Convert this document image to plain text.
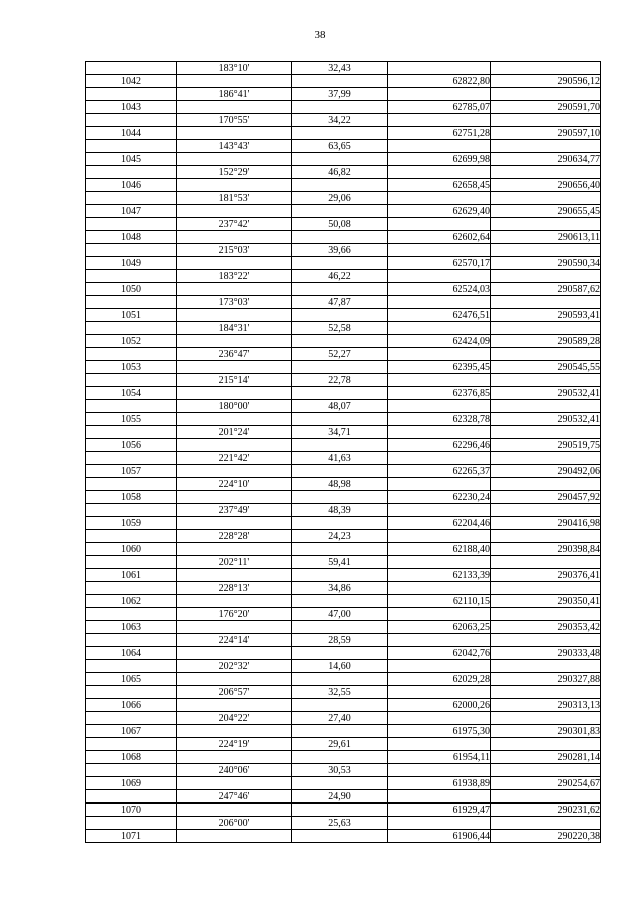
38
	183°10'	32,43		
1042			62822,80	290596,12
	186°41'	37,99		
1043			62785,07	290591,70
	170°55'	34,22		
1044			62751,28	290597,10
	143°43'	63,65		
1045			62699,98	290634,77
	152°29'	46,82		
1046			62658,45	290656,40
	181°53'	29,06		
1047			62629,40	290655,45
	237°42'	50,08		
1048			62602,64	290613,11
	215°03'	39,66		
1049			62570,17	290590,34
	183°22'	46,22		
1050			62524,03	290587,62
	173°03'	47,87		
1051			62476,51	290593,41
	184°31'	52,58		
1052			62424,09	290589,28
	236°47'	52,27		
1053			62395,45	290545,55
	215°14'	22,78		
1054			62376,85	290532,41
	180°00'	48,07		
1055			62328,78	290532,41
	201°24'	34,71		
1056			62296,46	290519,75
	221°42'	41,63		
1057			62265,37	290492,06
	224°10'	48,98		
1058			62230,24	290457,92
	237°49'	48,39		
1059			62204,46	290416,98
	228°28'	24,23		
1060			62188,40	290398,84
	202°11'	59,41		
1061			62133,39	290376,41
	228°13'	34,86		
1062			62110,15	290350,41
	176°20'	47,00		
1063			62063,25	290353,42
	224°14'	28,59		
1064			62042,76	290333,48
	202°32'	14,60		
1065			62029,28	290327,88
	206°57'	32,55		
1066			62000,26	290313,13
	204°22'	27,40		
1067			61975,30	290301,83
	224°19'	29,61		
1068			61954,11	290281,14
	240°06'	30,53		
1069			61938,89	290254,67
	247°46'	24,90		
1070			61929,47	290231,62
	206°00'	25,63		
1071			61906,44	290220,38
